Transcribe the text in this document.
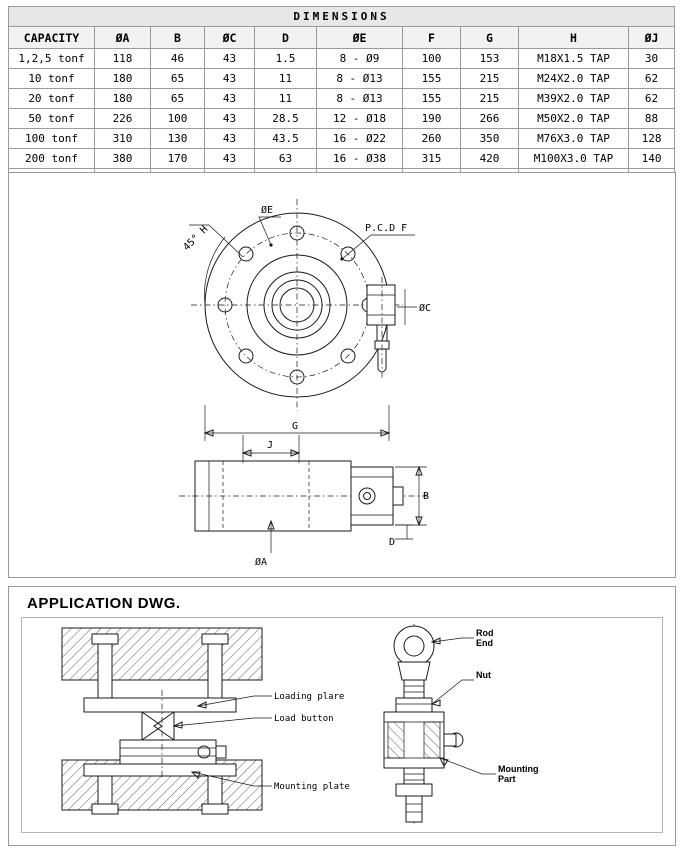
DIMENSIONS									
CAPACITY	ØA	B	ØC	D	ØE	F	G	H	ØJ
1,2,5 tonf	118	46	43	1.5	8 - Ø9	100	153	M18X1.5 TAP	30
10 tonf	180	65	43	11	8 - Ø13	155	215	M24X2.0 TAP	62
20 tonf	180	65	43	11	8 - Ø13	155	215	M39X2.0 TAP	62
50 tonf	226	100	43	28.5	12 - Ø18	190	266	M50X2.0 TAP	88
100 tonf	310	130	43	43.5	16 - Ø22	260	350	M76X3.0 TAP	128
200 tonf	380	170	43	63	16 - Ø38	315	420	M100X3.0 TAP	140

ØE
P.C.D F
45° H
ØC
G
J
B
D
ØA
APPLICATION DWG.
Loading plare
Load button
Mounting plate
Rod
End
Nut
Mounting
Part
